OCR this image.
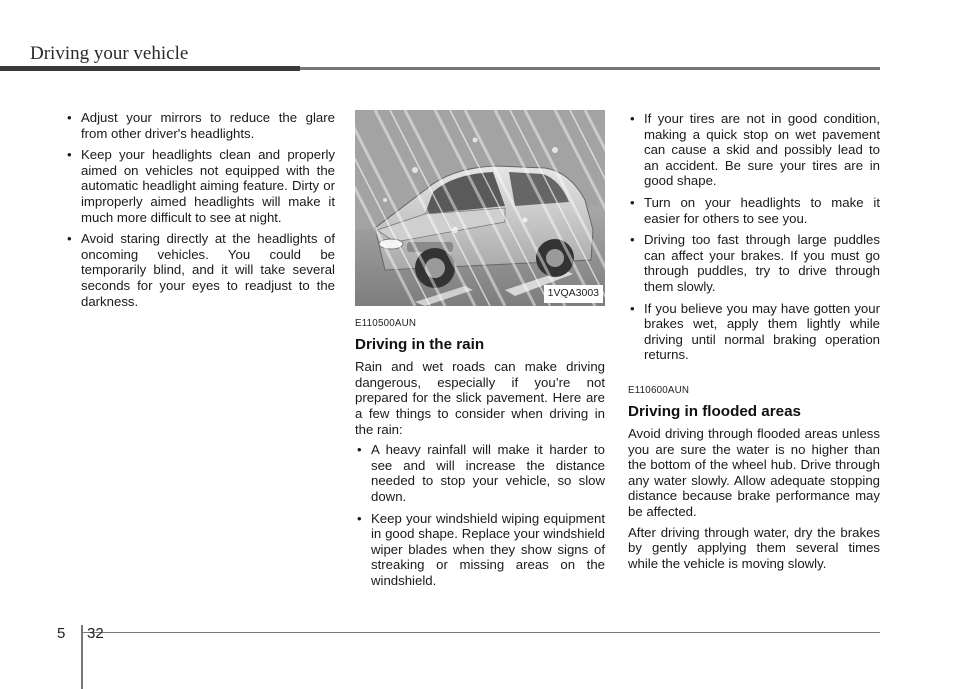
Driving your vehicle
• Adjust your mirrors to reduce the glare from other driver's headlights.
• Keep your headlights clean and properly aimed on vehicles not equipped with the automatic headlight aiming feature. Dirty or improperly aimed headlights will make it much more difficult to see at night.
• Avoid staring directly at the headlights of oncoming vehicles. You could be temporarily blind, and it will take several seconds for your eyes to readjust to the darkness.
1VQA3003
E110500AUN
Driving in the rain

Rain and wet roads can make driving dangerous, especially if you’re not prepared for the slick pavement. Here are a few things to consider when driving in the rain:

• A heavy rainfall will make it harder to see and will increase the distance needed to stop your vehicle, so slow down.
• Keep your windshield wiping equipment in good shape. Replace your windshield wiper blades when they show signs of streaking or missing areas on the windshield.
• If your tires are not in good condition, making a quick stop on wet pavement can cause a skid and possibly lead to an accident. Be sure your tires are in good shape.
• Turn on your headlights to make it easier for others to see you.
• Driving too fast through large puddles can affect your brakes. If you must go through puddles, try to drive through them slowly.
• If you believe you may have gotten your brakes wet, apply them lightly while driving until normal braking operation returns.
E110600AUN
Driving in flooded areas

Avoid driving through flooded areas unless you are sure the water is no higher than the bottom of the wheel hub. Drive through any water slowly. Allow adequate stopping distance because brake performance may be affected.

After driving through water, dry the brakes by gently applying them several times while the vehicle is moving slowly.

5 32
